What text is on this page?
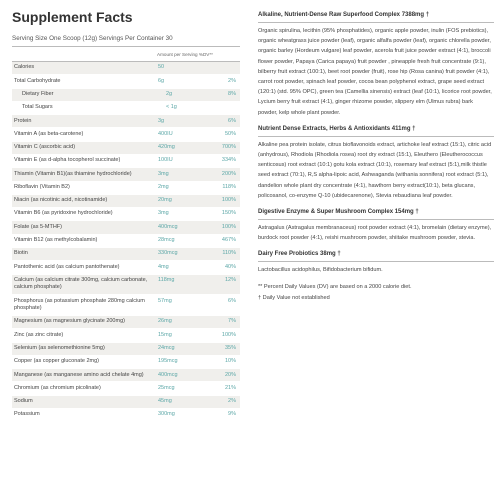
Supplement Facts
Serving Size One Scoop (12g) Servings Per Container 30
Amount per Serving %DV**
Calories	50
Total Carbohydrate	6g	2%
Dietary Fiber	2g	8%
Total Sugars	< 1g
Protein	3g	6%
Vitamin A (as beta-carotene)	400IU	50%
Vitamin C (ascorbic acid)	420mg	700%
Vitamin E (as d-alpha tocopherol succinate)	100IU	334%
Thiamin (Vitamin B1)(as thiamine hydrochloride)	3mg	200%
Riboflavin (Vitamin B2)	2mg	118%
Niacin (as nicotinic acid, nicotinamide)	20mg	100%
Vitamin B6 (as pyridoxine hydrochloride)	3mg	150%
Folate (as 5-MTHF)	400mcg	100%
Vitamin B12 (as methylcobalamin)	28mcg	467%
Biotin	330mcg	110%
Pantothenic acid (as calcium pantothenate)	4mg	40%
Calcium (as calcium citrate 300mg, calcium carbonate, calcium phosphate)
118mg	12%
Phosphorus (as potassium phosphate 280mg calcium phosphate)
57mg	6%
Magnesium (as magnesium glycinate 200mg)	26mg	7%
Zinc (as zinc citrate)	15mg	100%
Selenium (as selenomethionine 5mg)	24mcg	35%
Copper (as copper gluconate 2mg)	195mcg	10%
Manganese (as manganese amino acid chelate 4mg)	400mcg	20%
Chromium (as chromium picolinate)	25mcg	21%
Sodium	45mg	2%
Potassium	300mg	9%
Alkaline, Nutrient-Dense Raw Superfood Complex 7388mg †
Organic spirulina, lecithin (95% phosphatides), organic apple powder, inulin (FOS prebiotics), organic wheatgrass juice powder (leaf), organic alfalfa powder (leaf), organic chlorella powder, organic barley (Hordeum vulgare) leaf powder, acerola fruit juice powder extract (4:1), broccoli flower powder, Papaya (Carica papaya) fruit powder , pineapple fresh fruit concentrate (9:1), bilberry fruit extract (100:1), beet root powder (fruit), rose hip (Rosa canina) fruit powder (4:1), carrot root powder, spinach leaf powder, cocoa bean polyphenol extract, grape seed extract (120:1) (std. 95% OPC), green tea (Camellia sinensis) extract (leaf (10:1), licorice root powder, Lycium berry fruit extract (4:1), ginger rhizome powder, slippery elm (Ulmus rubra) bark powder, kelp whole plant powder.
Nutrient Dense Extracts, Herbs & Antioxidants 411mg †
Alkaline pea protein isolate, citrus bioflavonoids extract, artichoke leaf extract (15:1), citric acid (anhydrous), Rhodiola (Rhodiola rosea) root dry extract (15:1), Eleuthero (Eleutherococcus senticosus) root extract (10:1) gotu kola extract (10:1), rosemary leaf extract (5:1),milk thistle seed extract (70:1), R,S alpha-lipoic acid, Ashwaganda (withania sonnifera) root extract (5:1), dandelion whole plant dry concentrate (4:1), hawthorn berry extract(10:1), beta glucans, policosanol, co-enzyme Q-10 (ubidecarenone), Stevia rebaudiana leaf powder.
Digestive Enzyme & Super Mushroom Complex 154mg †
Astragalus (Astragalus membranaceus) root powder extract (4:1), bromelain (dietary enzyme), burdock root powder (4:1), reishi mushroom powder, shiitake mushroom powder, stevia.
Dairy Free Probiotics 38mg †
Lactobacillus acidophilus, Bifidobacterium bifidum.
** Percent Daily Values (DV) are based on a 2000 calorie diet.
† Daily Value not established
